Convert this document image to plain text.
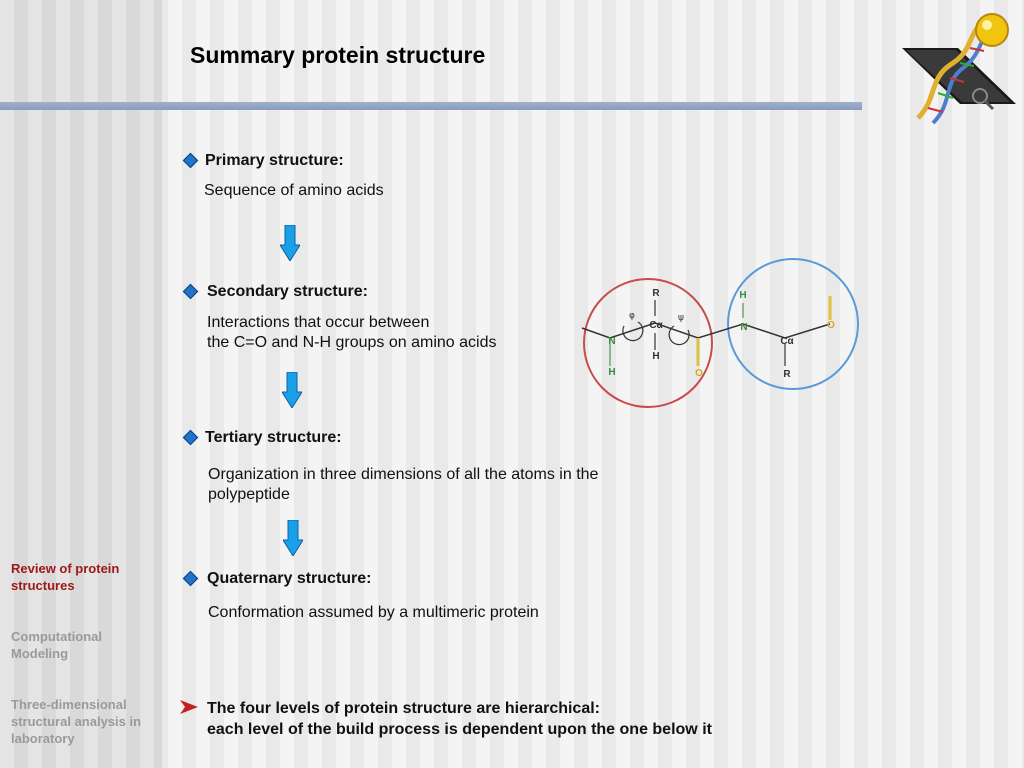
Summary protein structure
Review of protein structures
Computational Modeling
Three-dimensional structural analysis in laboratory
Primary structure:
Sequence of amino acids
Secondary structure:
Interactions that occur between
the C=O and N-H groups on amino acids
R
Cα
H
φ	ψ
N
H
H
N
Cα
R
O
O
Tertiary structure:
Organization in three dimensions of all the atoms in the
polypeptide
Quaternary structure:
Conformation assumed by a multimeric protein
The four levels of protein structure are hierarchical:
each level of the build process is dependent upon the one below it
